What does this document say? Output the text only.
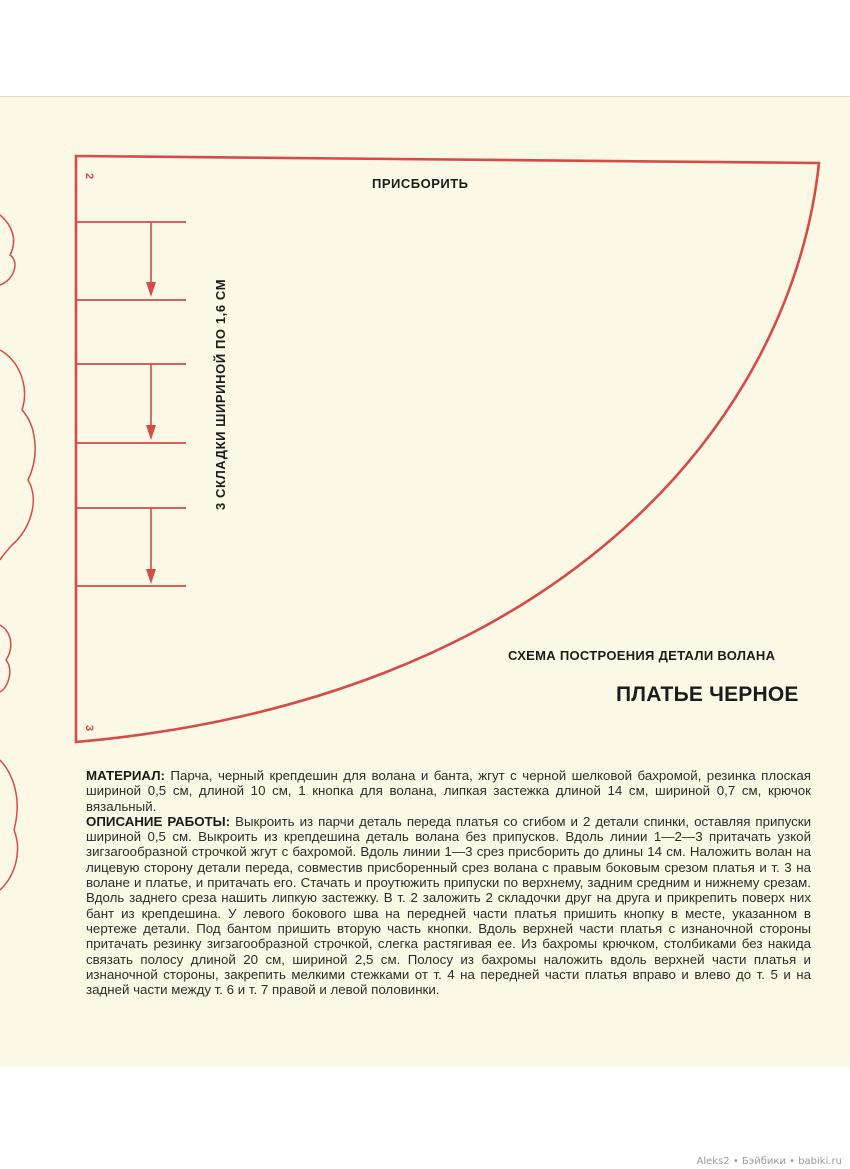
2
3
ПРИСБОРИТЬ
3 СКЛАДКИ ШИРИНОЙ ПО 1,6 СМ
СХЕМА ПОСТРОЕНИЯ ДЕТАЛИ ВОЛАНА
ПЛАТЬЕ ЧЕРНОЕ

МАТЕРИАЛ: Парча, черный крепдешин для волана и банта, жгут с черной шелковой бахромой, резинка плоская шириной 0,5 см, длиной 10 см, 1 кнопка для волана, липкая застежка длиной 14 см, шириной 0,7 см, крючок вязальный.

ОПИСАНИЕ РАБОТЫ: Выкроить из парчи деталь переда платья со сгибом и 2 детали спинки, оставляя припуски шириной 0,5 см. Выкроить из крепдешина деталь волана без припусков. Вдоль линии 1—2—3 притачать узкой зигзагообразной строчкой жгут с бахромой. Вдоль линии 1—3 срез присборить до длины 14 см. Наложить волан на лицевую сторону детали переда, совместив присборенный срез волана с правым боковым срезом платья и т. 3 на волане и платье, и притачать его. Стачать и проутюжить припуски по верхнему, задним средним и нижнему срезам. Вдоль заднего среза нашить липкую застежку. В т. 2 заложить 2 складочки друг на друга и прикрепить поверх них бант из крепдешина. У левого бокового шва на передней части платья пришить кнопку в месте, указанном в чертеже детали. Под бантом пришить вторую часть кнопки. Вдоль верхней части платья с изнаночной стороны притачать резинку зигзагообразной строчкой, слегка растягивая ее. Из бахромы крючком, столбиками без накида связать полосу длиной 20 см, шириной 2,5 см. Полосу из бахромы наложить вдоль верхней части платья и изнаночной стороны, закрепить мелкими стежками от т. 4 на передней части платья вправо и влево до т. 5 и на задней части между т. 6 и т. 7 правой и левой половинки.

Aleks2 • Бэйбики • babiki.ru
